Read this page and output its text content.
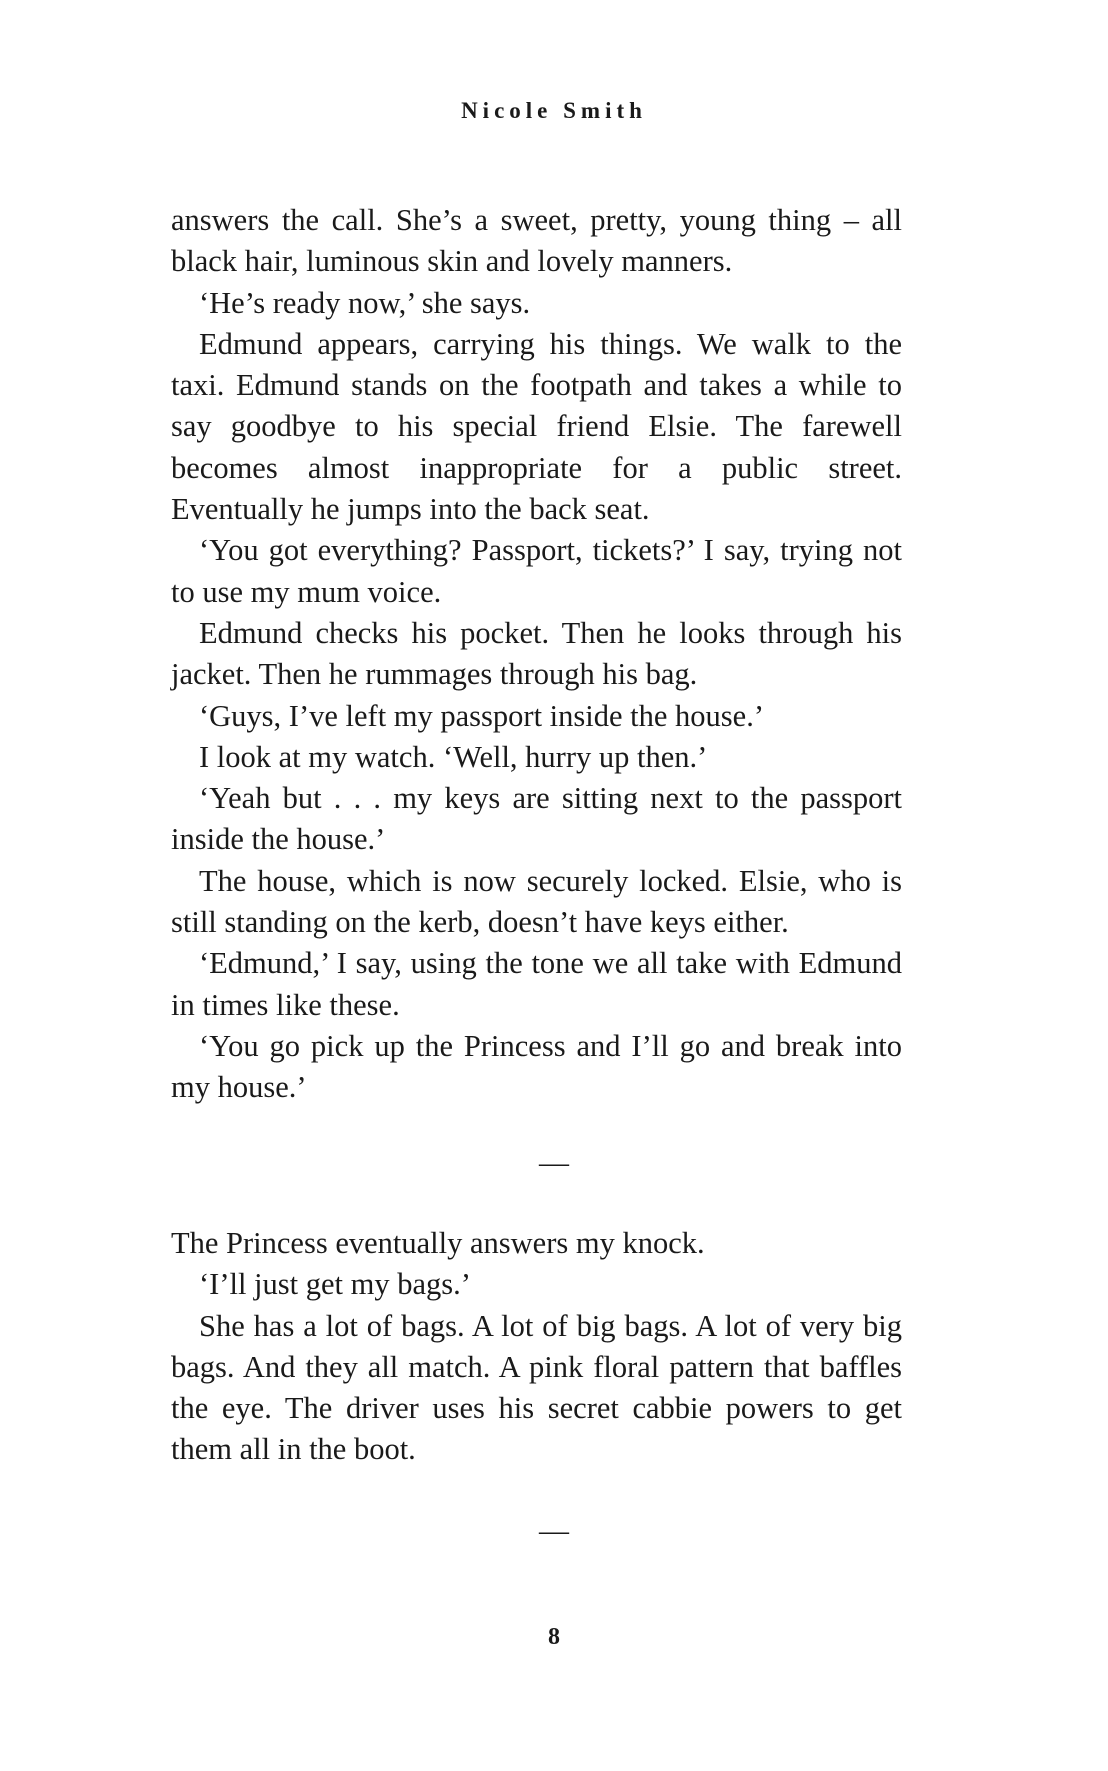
Nicole Smith

answers the call. She’s a sweet, pretty, young thing – all black hair, luminous skin and lovely manners.

‘He’s ready now,’ she says.

Edmund appears, carrying his things. We walk to the taxi. Edmund stands on the footpath and takes a while to say goodbye to his special friend Elsie. The farewell becomes almost inappropriate for a public street. Eventually he jumps into the back seat.

‘You got everything? Passport, tickets?’ I say, trying not to use my mum voice.

Edmund checks his pocket. Then he looks through his jacket. Then he rummages through his bag.

‘Guys, I’ve left my passport inside the house.’

I look at my watch. ‘Well, hurry up then.’

‘Yeah but . . . my keys are sitting next to the passport inside the house.’

The house, which is now securely locked. Elsie, who is still standing on the kerb, doesn’t have keys either.

‘Edmund,’ I say, using the tone we all take with Edmund in times like these.

‘You go pick up the Princess and I’ll go and break into my house.’

—

The Princess eventually answers my knock.

‘I’ll just get my bags.’

She has a lot of bags. A lot of big bags. A lot of very big bags. And they all match. A pink floral pattern that baffles the eye. The driver uses his secret cabbie powers to get them all in the boot.

—
8
